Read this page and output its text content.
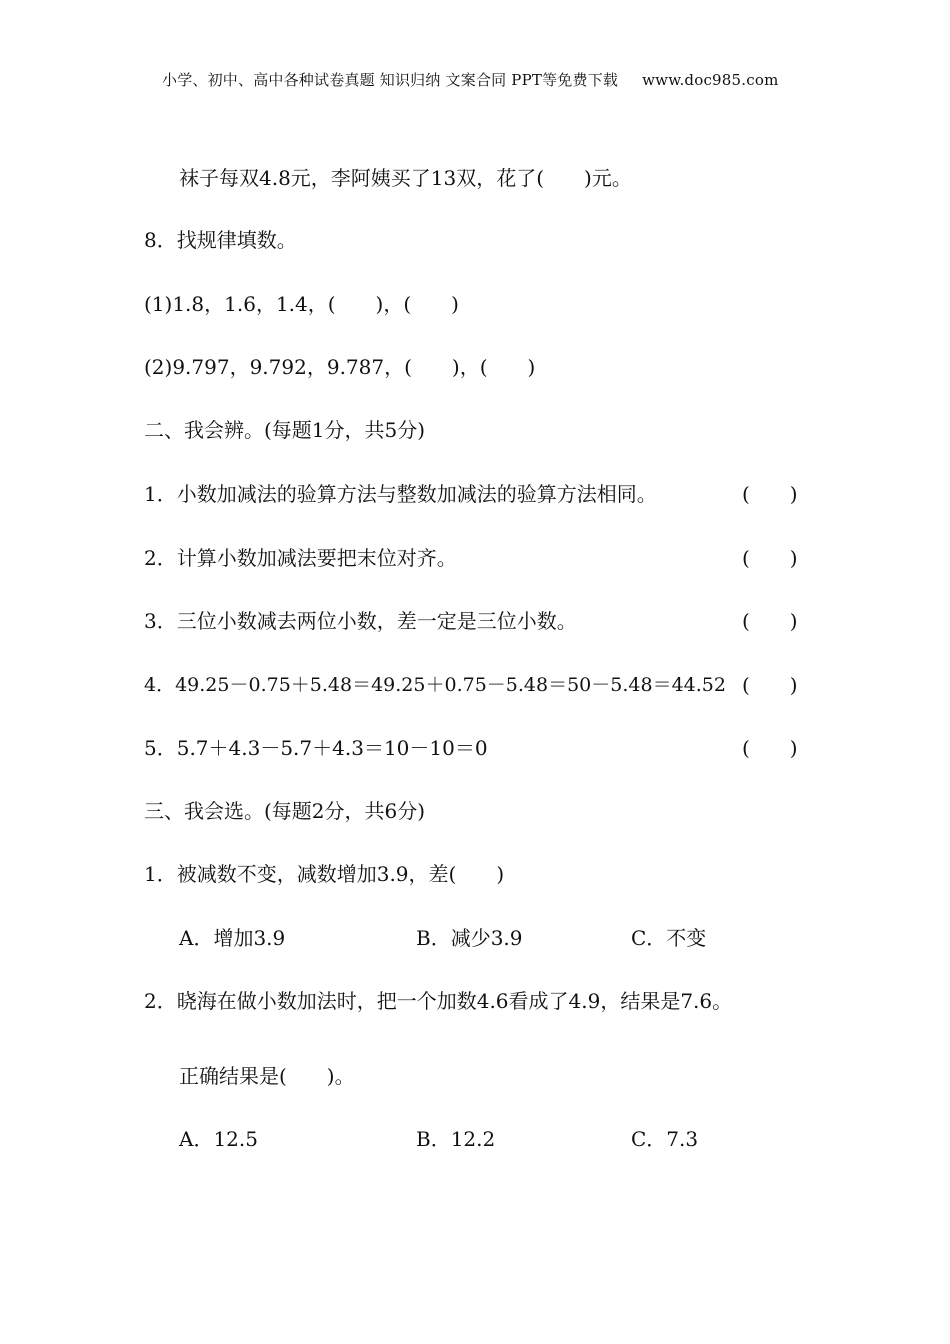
小学、初中、高中各种试卷真题 知识归纳 文案合同 PPT等免费下载 www.doc985.com
袜子每双4.8元，李阿姨买了13双，花了(　　)元。
8．找规律填数。
(1)1.8，1.6，1.4，(　　)，(　　)
(2)9.797，9.792，9.787，(　　)，(　　)
二、我会辨。(每题1分，共5分)
1．小数加减法的验算方法与整数加减法的验算方法相同。	(　　)
2．计算小数加减法要把末位对齐。	(　　)
3．三位小数减去两位小数，差一定是三位小数。	(　　)
4．49.25－0.75＋5.48＝49.25＋0.75－5.48＝50－5.48＝44.52 (　　)
5．5.7＋4.3－5.7＋4.3＝10－10＝0	(　　)
三、我会选。(每题2分，共6分)
1．被减数不变，减数增加3.9，差(　　)
A．增加3.9	B．减少3.9	C．不变
2．晓海在做小数加法时，把一个加数4.6看成了4.9，结果是7.6。
正确结果是(　　)。
A．12.5	B．12.2	C．7.3
